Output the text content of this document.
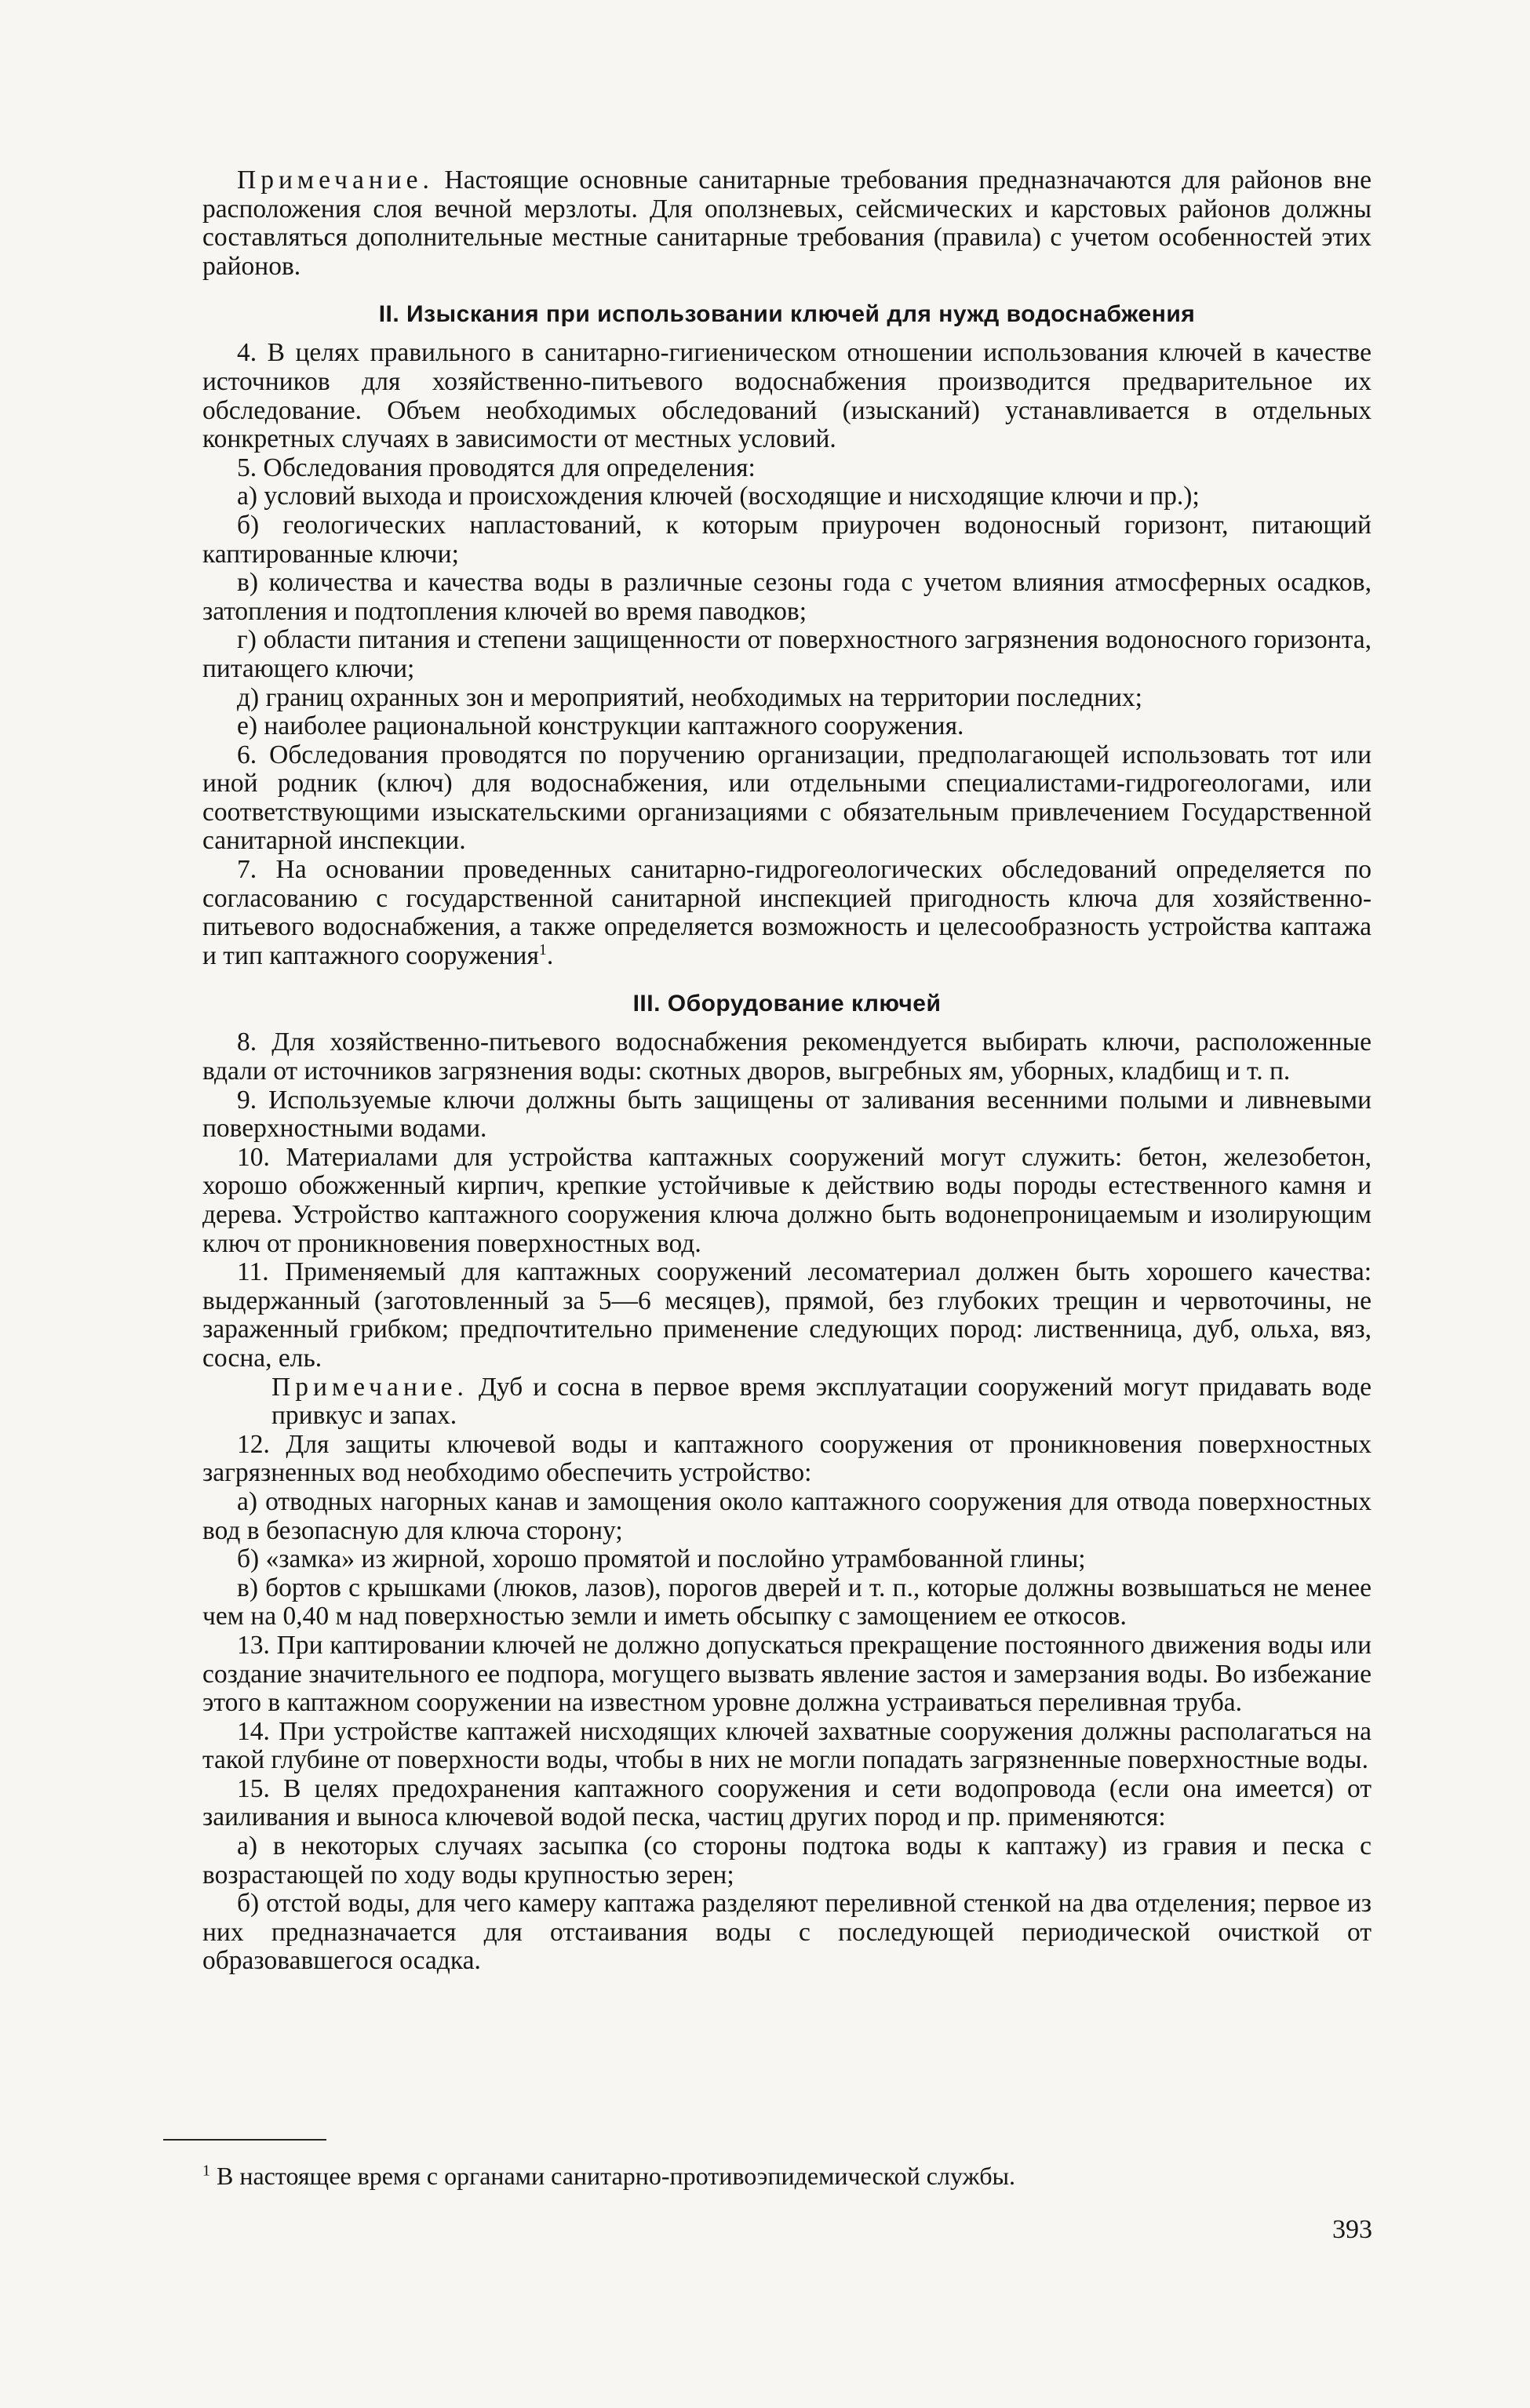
Примечание. Настоящие основные санитарные требования предназначаются для районов вне расположения слоя вечной мерзлоты. Для оползневых, сейсмических и карстовых районов должны составляться дополнительные местные санитарные требования (правила) с учетом особенностей этих районов.

II. Изыскания при использовании ключей для нужд водоснабжения

4. В целях правильного в санитарно-гигиеническом отношении использования ключей в качестве источников для хозяйственно-питьевого водоснабжения производится предварительное их обследование. Объем необходимых обследований (изысканий) устанавливается в отдельных конкретных случаях в зависимости от местных условий.

5. Обследования проводятся для определения:

а) условий выхода и происхождения ключей (восходящие и нисходящие ключи и пр.);

б) геологических напластований, к которым приурочен водоносный горизонт, питающий каптированные ключи;

в) количества и качества воды в различные сезоны года с учетом влияния атмосферных осадков, затопления и подтопления ключей во время паводков;

г) области питания и степени защищенности от поверхностного загрязнения водоносного горизонта, питающего ключи;

д) границ охранных зон и мероприятий, необходимых на территории последних;

е) наиболее рациональной конструкции каптажного сооружения.

6. Обследования проводятся по поручению организации, предполагающей использовать тот или иной родник (ключ) для водоснабжения, или отдельными специалистами-гидрогеологами, или соответствующими изыскательскими организациями с обязательным привлечением Государственной санитарной инспекции.

7. На основании проведенных санитарно-гидрогеологических обследований определяется по согласованию с государственной санитарной инспекцией пригодность ключа для хозяйственно-питьевого водоснабжения, а также определяется возможность и целесообразность устройства каптажа и тип каптажного сооружения$^1$.

III. Оборудование ключей

8. Для хозяйственно-питьевого водоснабжения рекомендуется выбирать ключи, расположенные вдали от источников загрязнения воды: скотных дворов, выгребных ям, уборных, кладбищ и т. п.

9. Используемые ключи должны быть защищены от заливания весенними полыми и ливневыми поверхностными водами.

10. Материалами для устройства каптажных сооружений могут служить: бетон, железобетон, хорошо обожженный кирпич, крепкие устойчивые к действию воды породы естественного камня и дерева. Устройство каптажного сооружения ключа должно быть водонепроницаемым и изолирующим ключ от проникновения поверхностных вод.

11. Применяемый для каптажных сооружений лесоматериал должен быть хорошего качества: выдержанный (заготовленный за 5—6 месяцев), прямой, без глубоких трещин и червоточины, не зараженный грибком; предпочтительно применение следующих пород: лиственница, дуб, ольха, вяз, сосна, ель.

Примечание. Дуб и сосна в первое время эксплуатации сооружений могут придавать воде привкус и запах.

12. Для защиты ключевой воды и каптажного сооружения от проникновения поверхностных загрязненных вод необходимо обеспечить устройство:

а) отводных нагорных канав и замощения около каптажного сооружения для отвода поверхностных вод в безопасную для ключа сторону;

б) «замка» из жирной, хорошо промятой и послойно утрамбованной глины;

в) бортов с крышками (люков, лазов), порогов дверей и т. п., которые должны возвышаться не менее чем на 0,40 м над поверхностью земли и иметь обсыпку с замощением ее откосов.

13. При каптировании ключей не должно допускаться прекращение постоянного движения воды или создание значительного ее подпора, могущего вызвать явление застоя и замерзания воды. Во избежание этого в каптажном сооружении на известном уровне должна устраиваться переливная труба.

14. При устройстве каптажей нисходящих ключей захватные сооружения должны располагаться на такой глубине от поверхности воды, чтобы в них не могли попадать загрязненные поверхностные воды.

15. В целях предохранения каптажного сооружения и сети водопровода (если она имеется) от заиливания и выноса ключевой водой песка, частиц других пород и пр. применяются:

а) в некоторых случаях засыпка (со стороны подтока воды к каптажу) из гравия и песка с возрастающей по ходу воды крупностью зерен;

б) отстой воды, для чего камеру каптажа разделяют переливной стенкой на два отделения; первое из них предназначается для отстаивания воды с последующей периодической очисткой от образовавшегося осадка.

$^1$ В настоящее время с органами санитарно-противоэпидемической службы.

393
